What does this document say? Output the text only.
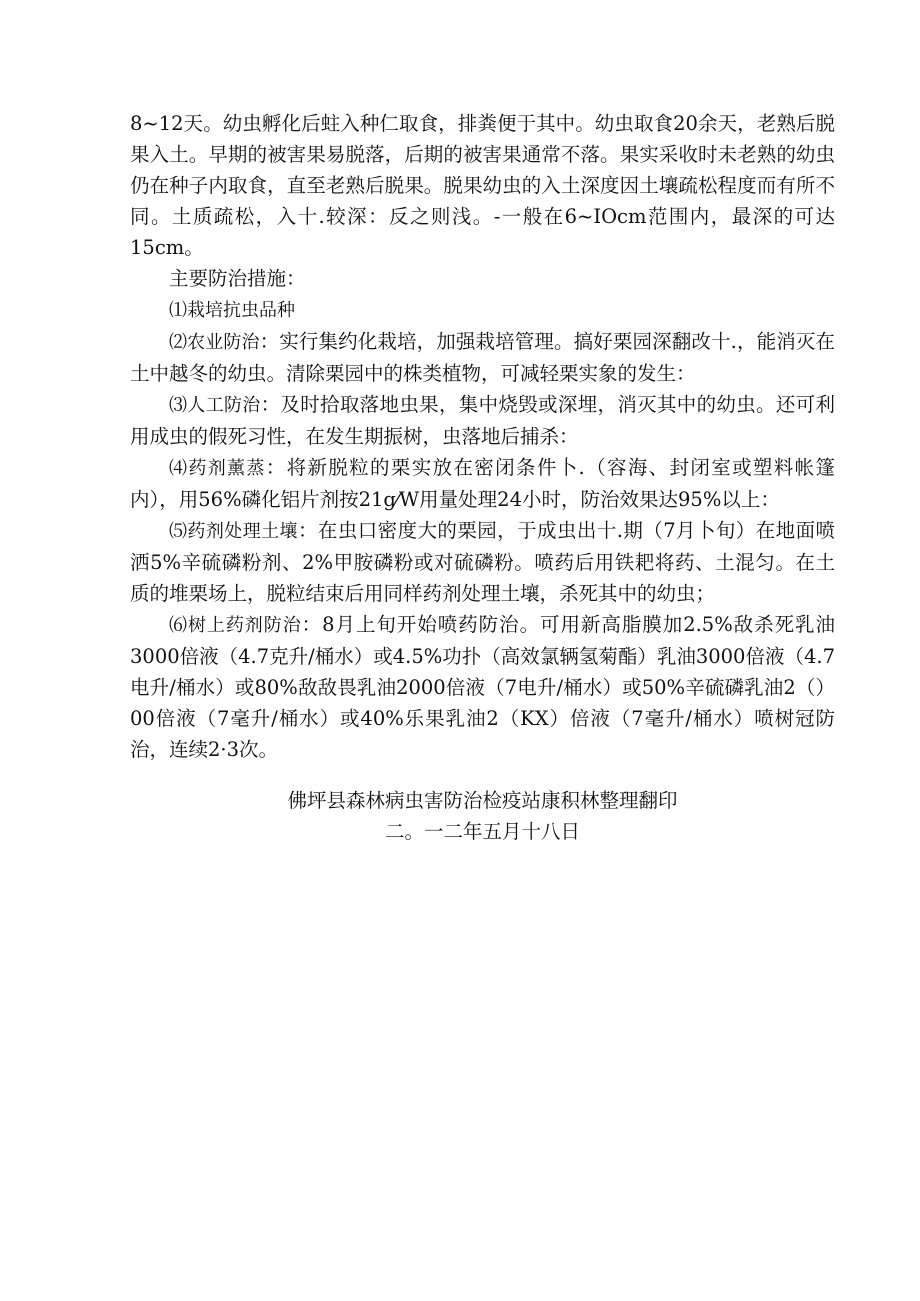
8~12天。幼虫孵化后蛀入种仁取食，排粪便于其中。幼虫取食20余天，老熟后脱果入土。早期的被害果易脱落，后期的被害果通常不落。果实采收时未老熟的幼虫仍在种子内取食，直至老熟后脱果。脱果幼虫的入土深度因土壤疏松程度而有所不同。土质疏松，入十.较深：反之则浅。-一般在6~IOcm范围内，最深的可达15cm。

主要防治措施：

⑴栽培抗虫品种

⑵农业防治：实行集约化栽培，加强栽培管理。搞好栗园深翻改十.，能消灭在土中越冬的幼虫。清除栗园中的株类植物，可减轻栗实象的发生：

⑶人工防治：及时拾取落地虫果，集中烧毁或深埋，消灭其中的幼虫。还可利用成虫的假死习性，在发生期振树，虫落地后捕杀：

⑷药剂薰蒸：将新脱粒的栗实放在密闭条件卜.（容海、封闭室或塑料帐篷内），用56%磷化铝片剂按21g⁄W用量处理24小时，防治效果达95%以上：

⑸药剂处理土壤：在虫口密度大的栗园，于成虫出十.期（7月卜旬）在地面喷洒5%辛硫磷粉剂、2%甲胺磷粉或对硫磷粉。喷药后用铁耙将药、土混匀。在土质的堆栗场上，脱粒结束后用同样药剂处理土壤，杀死其中的幼虫；

⑹树上药剂防治：8月上旬开始喷药防治。可用新高脂膜加2.5%敌杀死乳油3000倍液（4.7克升/桶水）或4.5%功扑（高效氯辆氢菊酯）乳油3000倍液（4.7电升/桶水）或80%敌敌畏乳油2000倍液（7电升/桶水）或50%辛硫磷乳油2（）00倍液（7毫升/桶水）或40%乐果乳油2（KX）倍液（7毫升/桶水）喷树冠防治，连续2·3次。

佛坪县森林病虫害防治检疫站康积林整理翻印
二。一二年五月十八日
